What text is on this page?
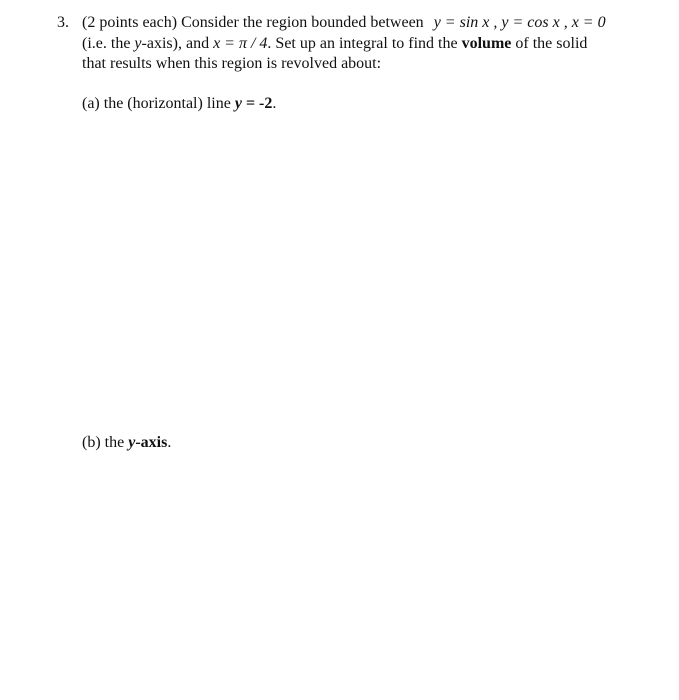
3. (2 points each) Consider the region bounded between y = sin x , y = cos x , x = 0
(i.e. the y-axis), and x = π / 4. Set up an integral to find the volume of the solid
that results when this region is revolved about:
(a) the (horizontal) line y = -2.
(b) the y-axis.
